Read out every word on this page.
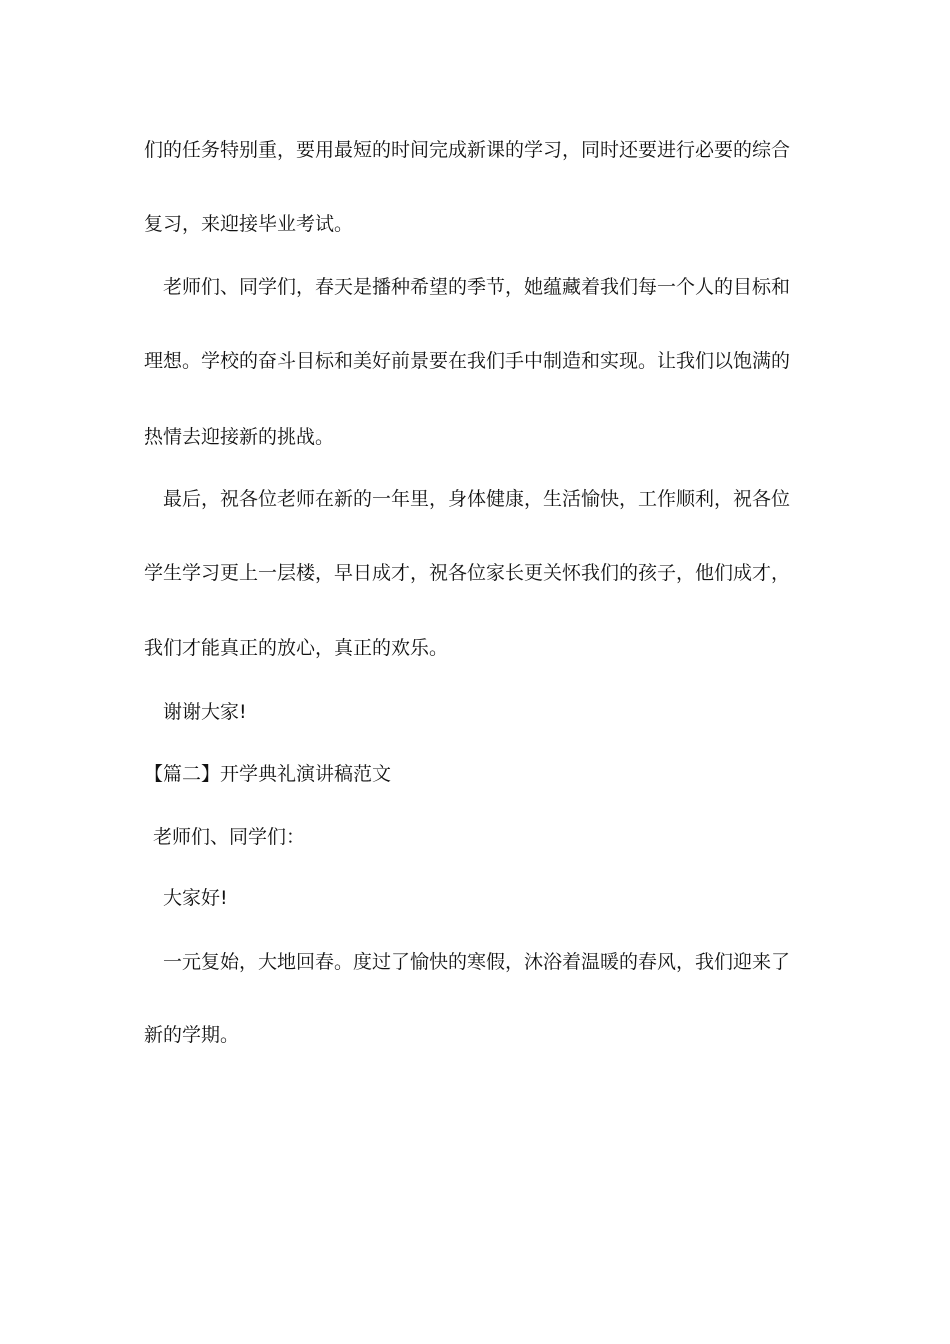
们的任务特别重，要用最短的时间完成新课的学习，同时还要进行必要的综合
复习，来迎接毕业考试。
老师们、同学们，春天是播种希望的季节，她蕴藏着我们每一个人的目标和
理想。学校的奋斗目标和美好前景要在我们手中制造和实现。让我们以饱满的
热情去迎接新的挑战。
最后，祝各位老师在新的一年里，身体健康，生活愉快，工作顺利，祝各位
学生学习更上一层楼，早日成才，祝各位家长更关怀我们的孩子，他们成才，
我们才能真正的放心，真正的欢乐。
谢谢大家!
【篇二】开学典礼演讲稿范文
老师们、同学们：
大家好!
一元复始，大地回春。度过了愉快的寒假，沐浴着温暖的春风，我们迎来了
新的学期。
